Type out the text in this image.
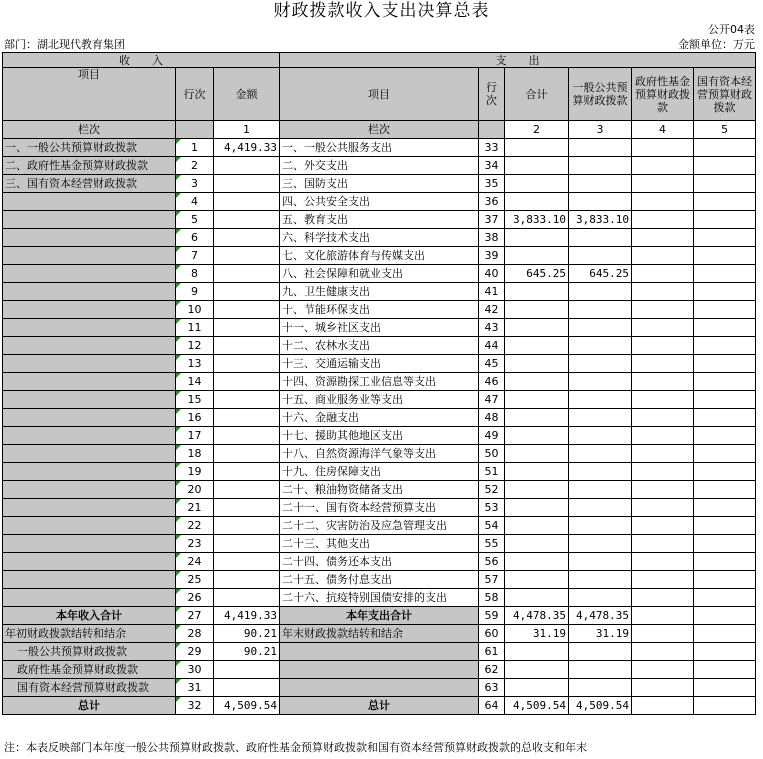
财政拨款收入支出决算总表
公开04表
部门：湖北现代教育集团	金额单位：万元
收　　入			支　　出					
项目	行次	金额	项目	行次	合计	一般公共预算财政拨款	政府性基金预算财政拨款	国有资本经营预算财政拨款
栏次		1	栏次		2	3	4	5
一、一般公共预算财政拨款	1	4,419.33	一、一般公共服务支出	33				
二、政府性基金预算财政拨款	2		二、外交支出	34				
三、国有资本经营财政拨款	3		三、国防支出	35				
	4		四、公共安全支出	36				
	5		五、教育支出	37	3,833.10	3,833.10		
	6		六、科学技术支出	38				
	7		七、文化旅游体育与传媒支出	39				
	8		八、社会保障和就业支出	40	645.25	645.25		
	9		九、卫生健康支出	41				
	10		十、节能环保支出	42				
	11		十一、城乡社区支出	43				
	12		十二、农林水支出	44				
	13		十三、交通运输支出	45				
	14		十四、资源勘探工业信息等支出	46				
	15		十五、商业服务业等支出	47				
	16		十六、金融支出	48				
	17		十七、援助其他地区支出	49				
	18		十八、自然资源海洋气象等支出	50				
	19		十九、住房保障支出	51				
	20		二十、粮油物资储备支出	52				
	21		二十一、国有资本经营预算支出	53				
	22		二十二、灾害防治及应急管理支出	54				
	23		二十三、其他支出	55				
	24		二十四、债务还本支出	56				
	25		二十五、债务付息支出	57				
	26		二十六、抗疫特别国债安排的支出	58				
本年收入合计	27	4,419.33	本年支出合计	59	4,478.35	4,478.35		
年初财政拨款结转和结余	28	90.21	年末财政拨款结转和结余	60	31.19	31.19		
一般公共预算财政拨款	29	90.21		61				
政府性基金预算财政拨款	30			62				
国有资本经营预算财政拨款	31			63				
总计	32	4,509.54	总计	64	4,509.54	4,509.54		
注：本表反映部门本年度一般公共预算财政拨款、政府性基金预算财政拨款和国有资本经营预算财政拨款的总收支和年末
